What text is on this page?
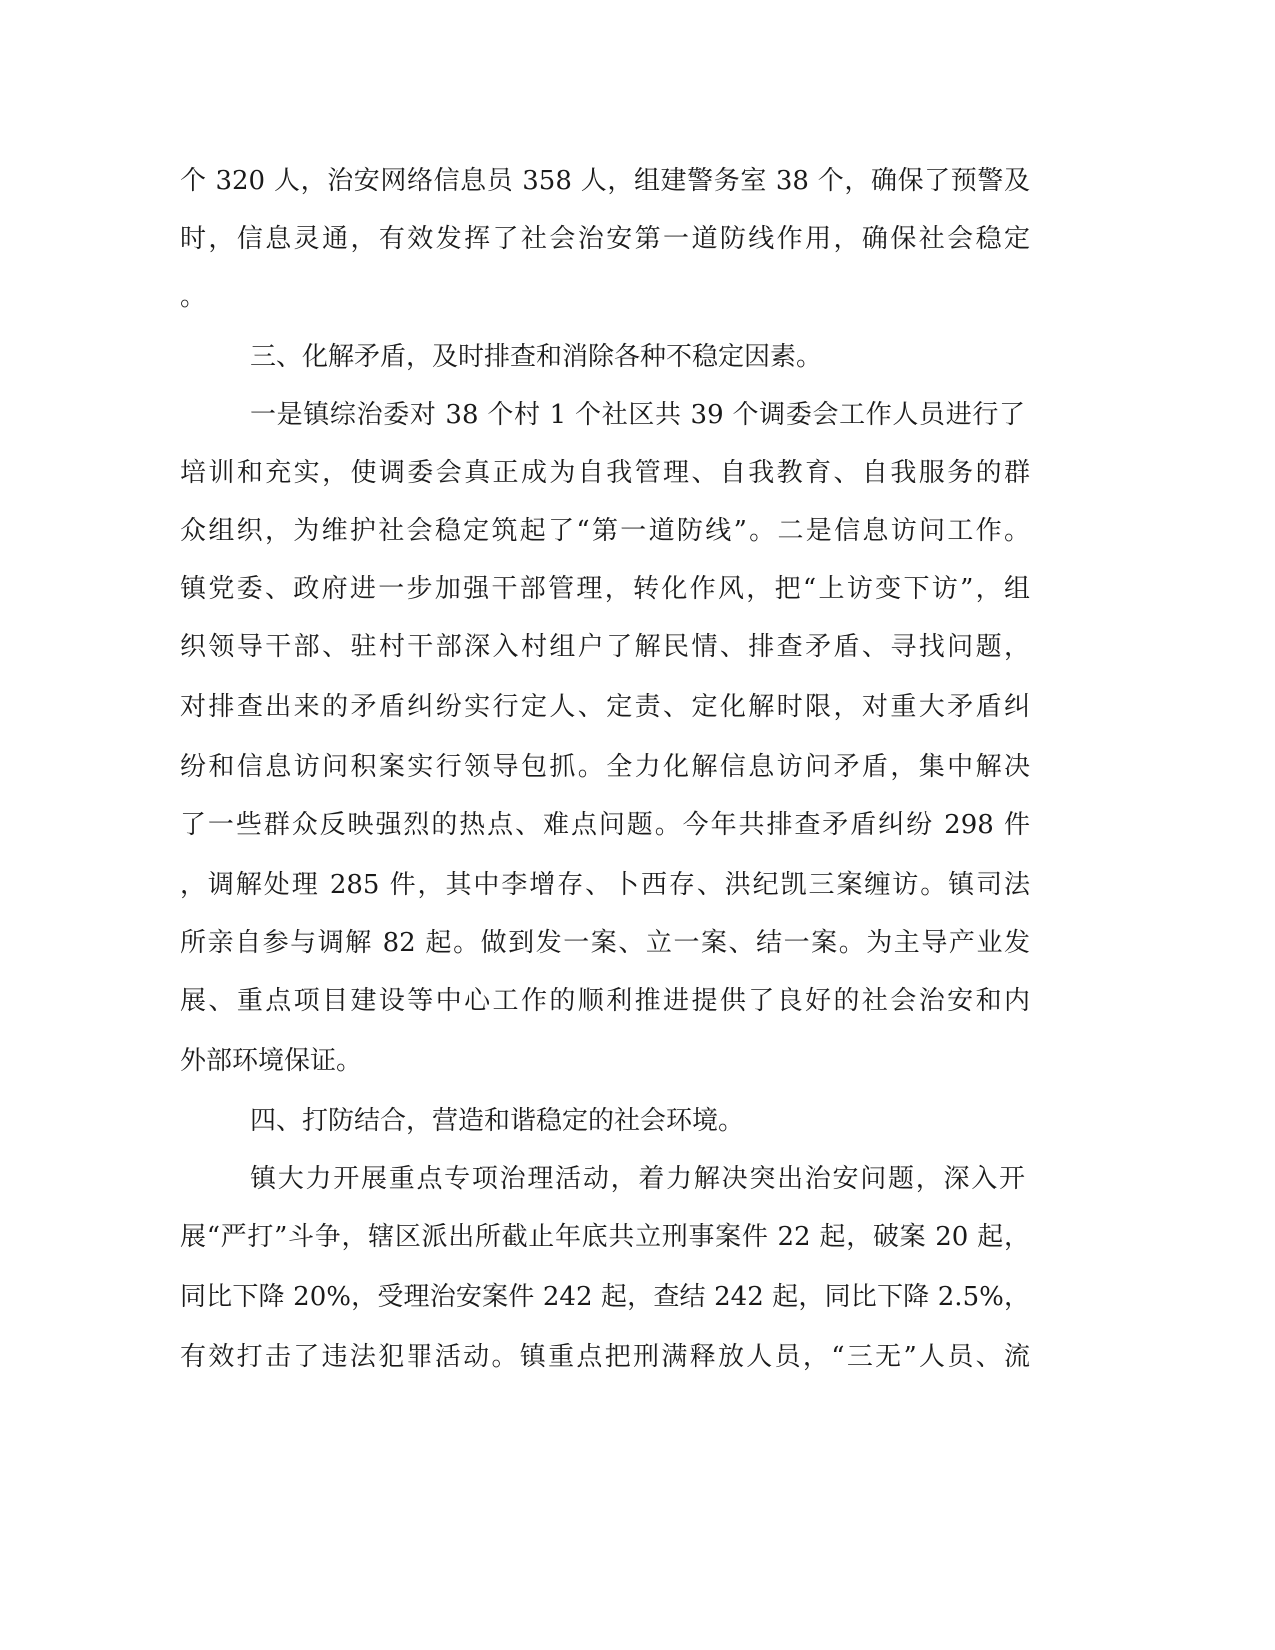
个 320 人，治安网络信息员 358 人，组建警务室 38 个，确保了预警及
时，信息灵通，有效发挥了社会治安第一道防线作用，确保社会稳定
。
三、化解矛盾，及时排查和消除各种不稳定因素。
一是镇综治委对 38 个村 1 个社区共 39 个调委会工作人员进行了
培训和充实，使调委会真正成为自我管理、自我教育、自我服务的群
众组织，为维护社会稳定筑起了“第一道防线”。二是信息访问工作。
镇党委、政府进一步加强干部管理，转化作风，把“上访变下访”，组
织领导干部、驻村干部深入村组户了解民情、排查矛盾、寻找问题，
对排查出来的矛盾纠纷实行定人、定责、定化解时限，对重大矛盾纠
纷和信息访问积案实行领导包抓。全力化解信息访问矛盾，集中解决
了一些群众反映强烈的热点、难点问题。今年共排查矛盾纠纷 298 件
，调解处理 285 件，其中李增存、卜西存、洪纪凯三案缠访。镇司法
所亲自参与调解 82 起。做到发一案、立一案、结一案。为主导产业发
展、重点项目建设等中心工作的顺利推进提供了良好的社会治安和内
外部环境保证。
四、打防结合，营造和谐稳定的社会环境。
镇大力开展重点专项治理活动，着力解决突出治安问题，深入开
展“严打”斗争，辖区派出所截止年底共立刑事案件 22 起，破案 20 起，
同比下降 20%，受理治安案件 242 起，查结 242 起，同比下降 2.5%，
有效打击了违法犯罪活动。镇重点把刑满释放人员，“三无”人员、流
